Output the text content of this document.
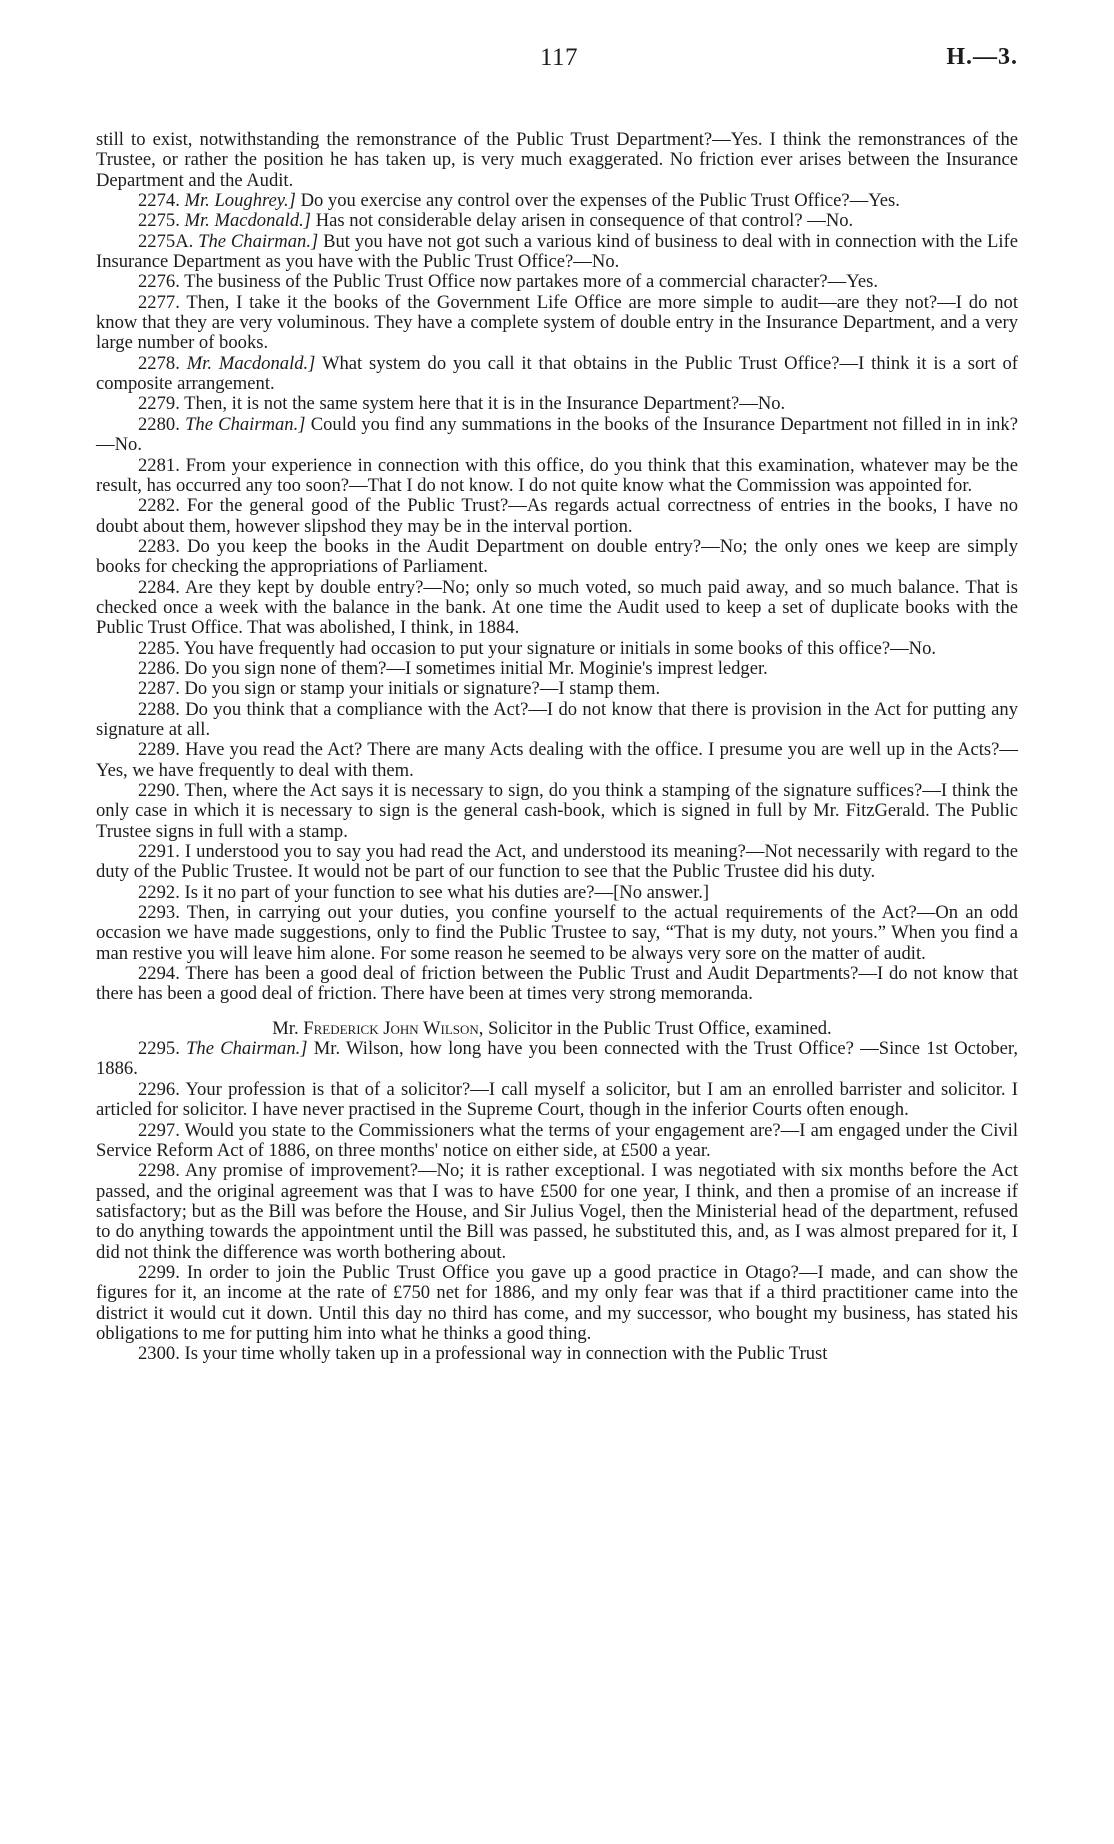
117	H.—3.

still to exist, notwithstanding the remonstrance of the Public Trust Department?—Yes. I think the remonstrances of the Trustee, or rather the position he has taken up, is very much exaggerated. No friction ever arises between the Insurance Department and the Audit.

2274. Mr. Loughrey.] Do you exercise any control over the expenses of the Public Trust Office?—Yes.

2275. Mr. Macdonald.] Has not considerable delay arisen in consequence of that control? —No.

2275A. The Chairman.] But you have not got such a various kind of business to deal with in connection with the Life Insurance Department as you have with the Public Trust Office?—No.

2276. The business of the Public Trust Office now partakes more of a commercial character?—Yes.

2277. Then, I take it the books of the Government Life Office are more simple to audit—are they not?—I do not know that they are very voluminous. They have a complete system of double entry in the Insurance Department, and a very large number of books.

2278. Mr. Macdonald.] What system do you call it that obtains in the Public Trust Office?—I think it is a sort of composite arrangement.

2279. Then, it is not the same system here that it is in the Insurance Department?—No.

2280. The Chairman.] Could you find any summations in the books of the Insurance Department not filled in in ink?—No.

2281. From your experience in connection with this office, do you think that this examination, whatever may be the result, has occurred any too soon?—That I do not know. I do not quite know what the Commission was appointed for.

2282. For the general good of the Public Trust?—As regards actual correctness of entries in the books, I have no doubt about them, however slipshod they may be in the interval portion.

2283. Do you keep the books in the Audit Department on double entry?—No; the only ones we keep are simply books for checking the appropriations of Parliament.

2284. Are they kept by double entry?—No; only so much voted, so much paid away, and so much balance. That is checked once a week with the balance in the bank. At one time the Audit used to keep a set of duplicate books with the Public Trust Office. That was abolished, I think, in 1884.

2285. You have frequently had occasion to put your signature or initials in some books of this office?—No.

2286. Do you sign none of them?—I sometimes initial Mr. Moginie's imprest ledger.

2287. Do you sign or stamp your initials or signature?—I stamp them.

2288. Do you think that a compliance with the Act?—I do not know that there is provision in the Act for putting any signature at all.

2289. Have you read the Act? There are many Acts dealing with the office. I presume you are well up in the Acts?—Yes, we have frequently to deal with them.

2290. Then, where the Act says it is necessary to sign, do you think a stamping of the signature suffices?—I think the only case in which it is necessary to sign is the general cash-book, which is signed in full by Mr. FitzGerald. The Public Trustee signs in full with a stamp.

2291. I understood you to say you had read the Act, and understood its meaning?—Not necessarily with regard to the duty of the Public Trustee. It would not be part of our function to see that the Public Trustee did his duty.

2292. Is it no part of your function to see what his duties are?—[No answer.]

2293. Then, in carrying out your duties, you confine yourself to the actual requirements of the Act?—On an odd occasion we have made suggestions, only to find the Public Trustee to say, “That is my duty, not yours.” When you find a man restive you will leave him alone. For some reason he seemed to be always very sore on the matter of audit.

2294. There has been a good deal of friction between the Public Trust and Audit Departments?—I do not know that there has been a good deal of friction. There have been at times very strong memoranda.

Mr. Frederick John Wilson, Solicitor in the Public Trust Office, examined.

2295. The Chairman.] Mr. Wilson, how long have you been connected with the Trust Office? —Since 1st October, 1886.

2296. Your profession is that of a solicitor?—I call myself a solicitor, but I am an enrolled barrister and solicitor. I articled for solicitor. I have never practised in the Supreme Court, though in the inferior Courts often enough.

2297. Would you state to the Commissioners what the terms of your engagement are?—I am engaged under the Civil Service Reform Act of 1886, on three months' notice on either side, at £500 a year.

2298. Any promise of improvement?—No; it is rather exceptional. I was negotiated with six months before the Act passed, and the original agreement was that I was to have £500 for one year, I think, and then a promise of an increase if satisfactory; but as the Bill was before the House, and Sir Julius Vogel, then the Ministerial head of the department, refused to do anything towards the appointment until the Bill was passed, he substituted this, and, as I was almost prepared for it, I did not think the difference was worth bothering about.

2299. In order to join the Public Trust Office you gave up a good practice in Otago?—I made, and can show the figures for it, an income at the rate of £750 net for 1886, and my only fear was that if a third practitioner came into the district it would cut it down. Until this day no third has come, and my successor, who bought my business, has stated his obligations to me for putting him into what he thinks a good thing.

2300. Is your time wholly taken up in a professional way in connection with the Public Trust
